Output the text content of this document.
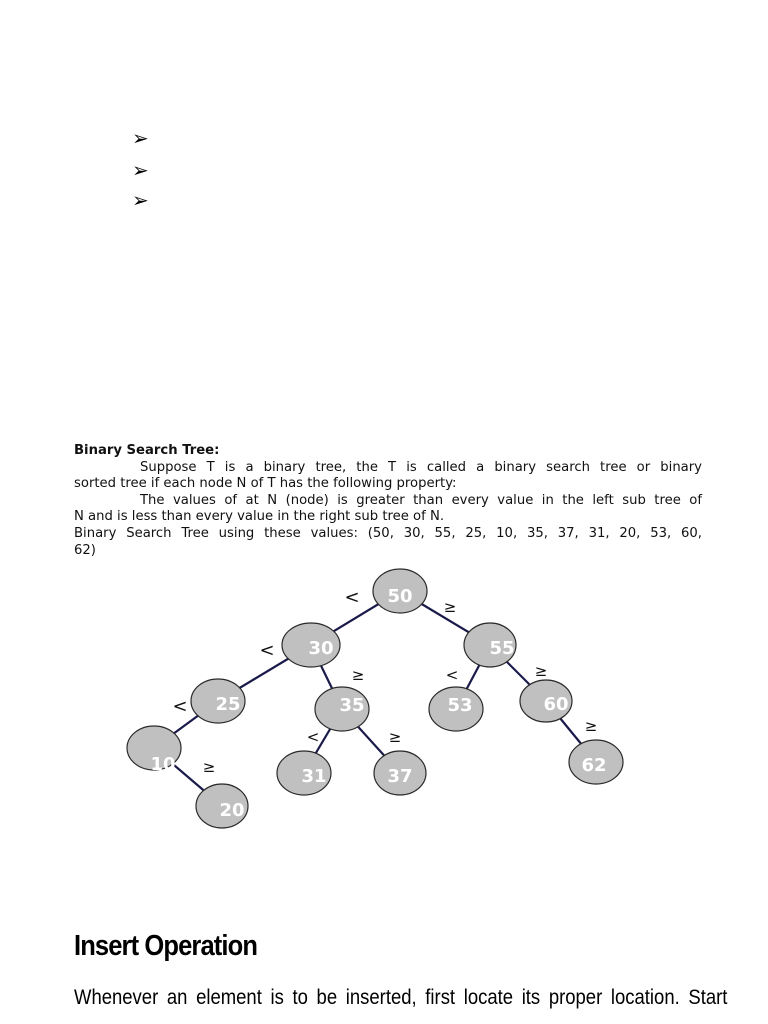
➢
➢
➢

Binary Search Tree:

Suppose T is a binary tree, the T is called a binary search tree or binary

sorted tree if each node N of T has the following property:

The values of at N (node) is greater than every value in the left sub tree of

N and is less than every value in the right sub tree of N.

Binary Search Tree using these values: (50, 30, 55, 25, 10, 35, 37, 31, 20, 53, 60,

62)

<	≥
<
≥
<
≥
<
<
≥
≥
≥
50
30	55
25	35	53	60
10
31	37
62
20
Insert Operation

Whenever an element is to be inserted, first locate its proper location. Start
